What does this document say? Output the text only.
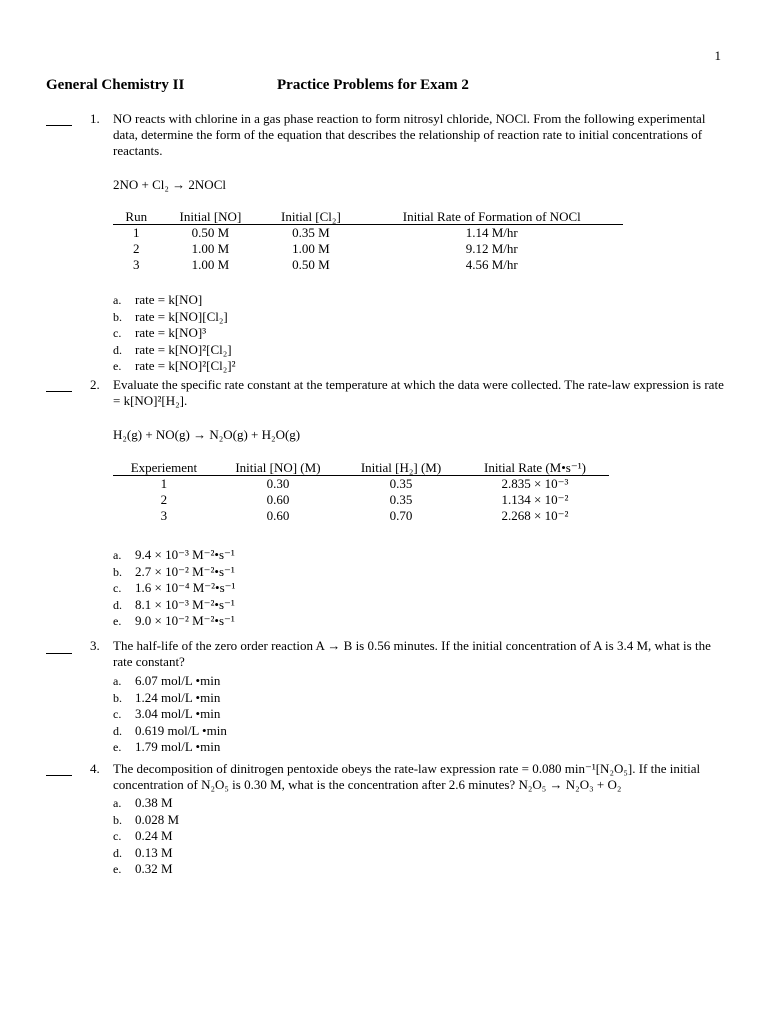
1
General Chemistry II	Practice Problems for Exam 2
1. NO reacts with chlorine in a gas phase reaction to form nitrosyl chloride, NOCl. From the following experimental data, determine the form of the equation that describes the relationship of reaction rate to initial concentrations of reactants.
2NO + Cl₂ → 2NOCl
Run	Initial [NO]	Initial [Cl₂]	Initial Rate of Formation of NOCl
1	0.50 M	0.35 M	1.14 M/hr
2	1.00 M	1.00 M	9.12 M/hr
3	1.00 M	0.50 M	4.56 M/hr
a. rate = k[NO]
b. rate = k[NO][Cl₂]
c. rate = k[NO]³
d. rate = k[NO]²[Cl₂]
e. rate = k[NO]²[Cl₂]²
2. Evaluate the specific rate constant at the temperature at which the data were collected. The rate-law expression is rate = k[NO]²[H₂].
H₂(g) + NO(g) → N₂O(g) + H₂O(g)
Experiement	Initial [NO] (M)	Initial [H₂] (M)	Initial Rate (M•s⁻¹)
1	0.30	0.35	2.835 × 10⁻³
2	0.60	0.35	1.134 × 10⁻²
3	0.60	0.70	2.268 × 10⁻²
a. 9.4 × 10⁻³ M⁻²•s⁻¹
b. 2.7 × 10⁻² M⁻²•s⁻¹
c. 1.6 × 10⁻⁴ M⁻²•s⁻¹
d. 8.1 × 10⁻³ M⁻²•s⁻¹
e. 9.0 × 10⁻² M⁻²•s⁻¹
3. The half-life of the zero order reaction A → B is 0.56 minutes. If the initial concentration of A is 3.4 M, what is the rate constant?
a. 6.07 mol/L •min
b. 1.24 mol/L •min
c. 3.04 mol/L •min
d. 0.619 mol/L •min
e. 1.79 mol/L •min
4. The decomposition of dinitrogen pentoxide obeys the rate-law expression rate = 0.080 min⁻¹[N₂O₅]. If the initial concentration of N₂O₅ is 0.30 M, what is the concentration after 2.6 minutes? N₂O₅ → N₂O₃ + O₂
a. 0.38 M
b. 0.028 M
c. 0.24 M
d. 0.13 M
e. 0.32 M
